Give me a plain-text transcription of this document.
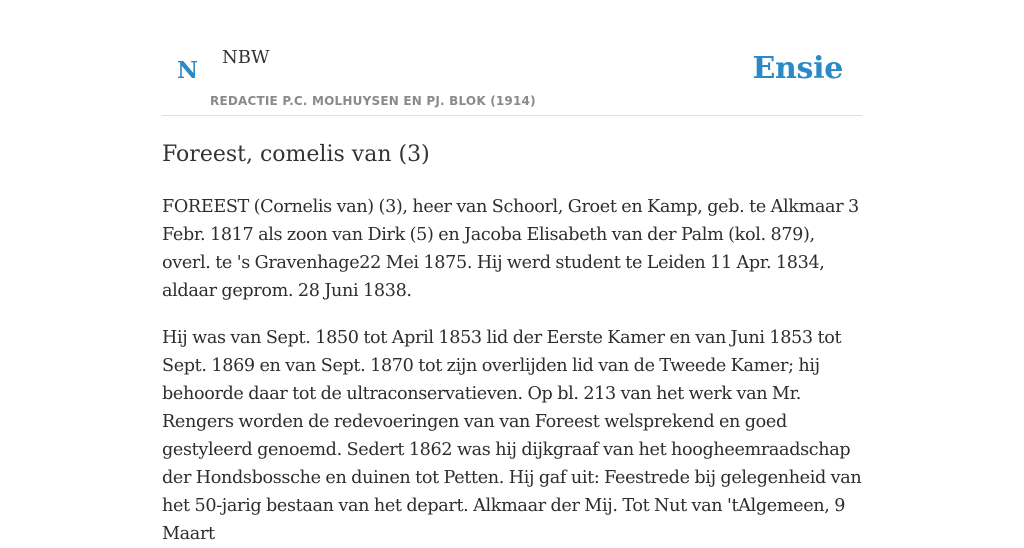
N NBW
REDACTIE P.C. MOLHUYSEN EN PJ. BLOK (1914)
Ensie
Foreest, comelis van (3)

FOREEST (Cornelis van) (3), heer van Schoorl, Groet en Kamp, geb. te Alkmaar 3 Febr. 1817 als zoon van Dirk (5) en Jacoba Elisabeth van der Palm (kol. 879), overl. te 's Gravenhage22 Mei 1875. Hij werd student te Leiden 11 Apr. 1834, aldaar geprom. 28 Juni 1838.

Hij was van Sept. 1850 tot April 1853 lid der Eerste Kamer en van Juni 1853 tot Sept. 1869 en van Sept. 1870 tot zijn overlijden lid van de Tweede Kamer; hij behoorde daar tot de ultraconservatieven. Op bl. 213 van het werk van Mr. Rengers worden de redevoeringen van van Foreest welsprekend en goed gestyleerd genoemd. Sedert 1862 was hij dijkgraaf van het hoogheemraadschap der Hondsbossche en duinen tot Petten. Hij gaf uit: Feestrede bij gelegenheid van het 50-jarig bestaan van het depart. Alkmaar der Mij. Tot Nut van 'tAlgemeen, 9 Maart
